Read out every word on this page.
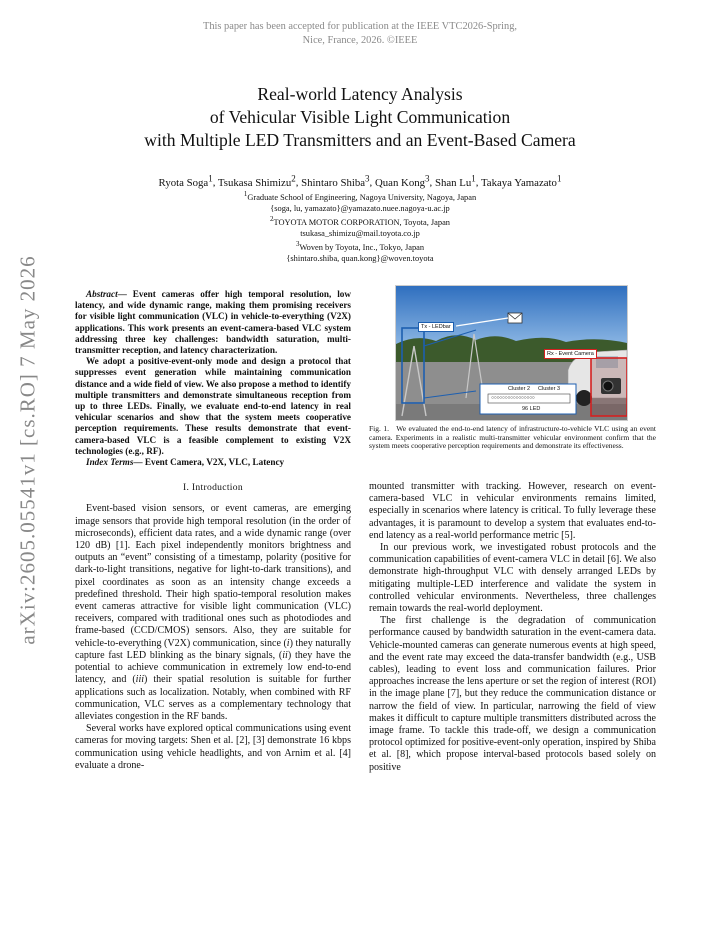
This paper has been accepted for publication at the IEEE VTC2026-Spring,
Nice, France, 2026. ©IEEE
Real-world Latency Analysis
of Vehicular Visible Light Communication
with Multiple LED Transmitters and an Event-Based Camera
Ryota Soga$^1$, Tsukasa Shimizu$^2$, Shintaro Shiba$^3$, Quan Kong$^3$, Shan Lu$^1$, Takaya Yamazato$^1$
$^1$Graduate School of Engineering, Nagoya University, Nagoya, Japan
{soga, lu, yamazato}@yamazato.nuee.nagoya-u.ac.jp
$^2$TOYOTA MOTOR CORPORATION, Toyota, Japan
tsukasa_shimizu@mail.toyota.co.jp
$^3$Woven by Toyota, Inc., Tokyo, Japan
{shintaro.shiba, quan.kong}@woven.toyota
arXiv:2605.05541v1 [cs.RO] 7 May 2026	Abstract— Event cameras offer high temporal resolution, low latency, and wide dynamic range, making them promising receivers for visible light communication (VLC) in vehicle-to-everything (V2X) applications. This work presents an event-camera-based VLC system addressing three key challenges: bandwidth saturation, multi-transmitter reception, and latency characterization.

We adopt a positive-event-only mode and design a protocol that suppresses event generation while maintaining communication distance and a wide field of view. We also propose a method to identify multiple transmitters and demonstrate simultaneous reception from up to three LEDs. Finally, we evaluate end-to-end latency in real vehicular scenarios and show that the system meets cooperative perception requirements. These results demonstrate that event-camera-based VLC is a feasible complement to existing V2X technologies (e.g., RF).

Index Terms— Event Camera, V2X, VLC, Latency

I. Introduction

Event-based vision sensors, or event cameras, are emerging image sensors that provide high temporal resolution (in the order of microseconds), efficient data rates, and a wide dynamic range (over 120 dB) [1]. Each pixel independently monitors brightness and outputs an “event” consisting of a timestamp, polarity (positive for dark-to-light transitions, negative for light-to-dark transitions), and pixel coordinates as soon as an intensity change exceeds a predefined threshold. Their high spatio-temporal resolution makes event cameras attractive for visible light communication (VLC) receivers, compared with traditional ones such as photodiodes and frame-based (CCD/CMOS) sensors. Also, they are suitable for vehicle-to-everything (V2X) communication, since (i) they naturally capture fast LED blinking as the binary signals, (ii) they have the potential to achieve communication in extremely low end-to-end latency, and (iii) their spatial resolution is suitable for further applications such as localization. Notably, when combined with RF communication, VLC serves as a complementary technology that alleviates congestion in the RF bands.

Several works have explored optical communications using event cameras for moving targets: Shen et al. [2], [3] demonstrate 16 kbps communication using vehicle headlights, and von Arnim et al. [4] evaluate a drone-

Tx - LEDbar
Rx - Event Camera
Cluster 2	Cluster 3
○○○○○○○○○○○○○○○○
96 LED
Fig. 1. We evaluated the end-to-end latency of infrastructure-to-vehicle VLC using an event camera. Experiments in a realistic multi-transmitter vehicular environment confirm that the system meets cooperative perception requirements and demonstrate its effectiveness.

mounted transmitter with tracking. However, research on event-camera-based VLC in vehicular environments remains limited, especially in scenarios where latency is critical. To fully leverage these advantages, it is paramount to develop a system that evaluates end-to-end latency as a real-world performance metric [5].

In our previous work, we investigated robust protocols and the communication capabilities of event-camera VLC in detail [6]. We also demonstrate high-throughput VLC with densely arranged LEDs by mitigating multiple-LED interference and validate the system in controlled vehicular environments. Nevertheless, three challenges remain towards the real-world deployment.

The first challenge is the degradation of communication performance caused by bandwidth saturation in the event-camera data. Vehicle-mounted cameras can generate numerous events at high speed, and the event rate may exceed the data-transfer bandwidth (e.g., USB cables), leading to event loss and communication failures. Prior approaches increase the lens aperture or set the region of interest (ROI) in the image plane [7], but they reduce the communication distance or narrow the field of view. In particular, narrowing the field of view makes it difficult to capture multiple transmitters distributed across the image frame. To tackle this trade-off, we design a communication protocol optimized for positive-event-only operation, inspired by Shiba et al. [8], which propose interval-based protocols based solely on positive
